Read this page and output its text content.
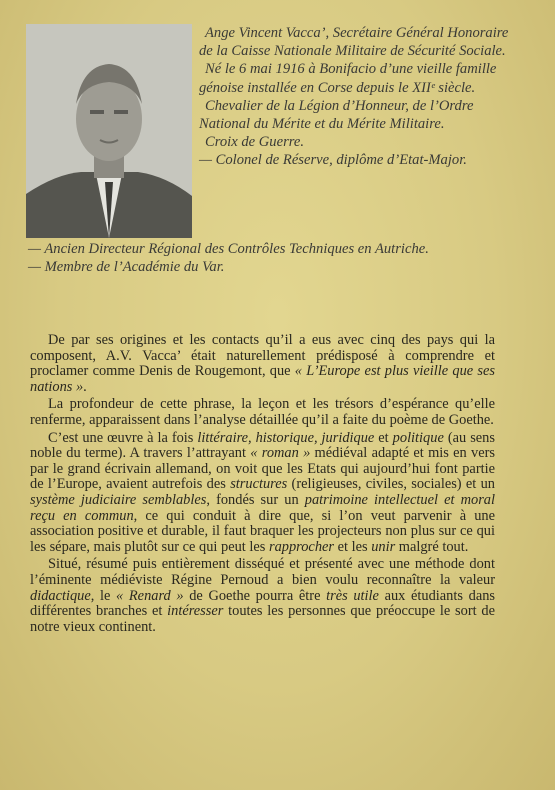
Ange Vincent Vacca’, Secrétaire Général Honoraire de la Caisse Nationale Militaire de Sécurité Sociale.

Né le 6 mai 1916 à Bonifacio d’une vieille famille génoise installée en Corse depuis le XIIᵉ siècle.

Chevalier de la Légion d’Honneur, de l’Ordre National du Mérite et du Mérite Militaire.

Croix de Guerre.

— Colonel de Réserve, diplôme d’Etat-Major.

— Ancien Directeur Régional des Contrôles Techniques en Autriche.

— Membre de l’Académie du Var.

De par ses origines et les contacts qu’il a eus avec cinq des pays qui la composent, A.V. Vacca’ était naturellement prédisposé à comprendre et proclamer comme Denis de Rougemont, que « L’Europe est plus vieille que ses nations ».

La profondeur de cette phrase, la leçon et les trésors d’espérance qu’elle renferme, apparaissent dans l’analyse détaillée qu’il a faite du poème de Goethe.

C’est une œuvre à la fois littéraire, historique, juridique et politique (au sens noble du terme). A travers l’attrayant « roman » médiéval adapté et mis en vers par le grand écrivain allemand, on voit que les Etats qui aujourd’hui font partie de l’Europe, avaient autrefois des structures (religieuses, civiles, sociales) et un système judiciaire semblables, fondés sur un patrimoine intellectuel et moral reçu en commun, ce qui conduit à dire que, si l’on veut parvenir à une association positive et durable, il faut braquer les projecteurs non plus sur ce qui les sépare, mais plutôt sur ce qui peut les rapprocher et les unir malgré tout.

Situé, résumé puis entièrement disséqué et présenté avec une méthode dont l’éminente médiéviste Régine Pernoud a bien voulu reconnaître la valeur didactique, le « Renard » de Goethe pourra être très utile aux étudiants dans différentes branches et intéresser toutes les personnes que préoccupe le sort de notre vieux continent.
